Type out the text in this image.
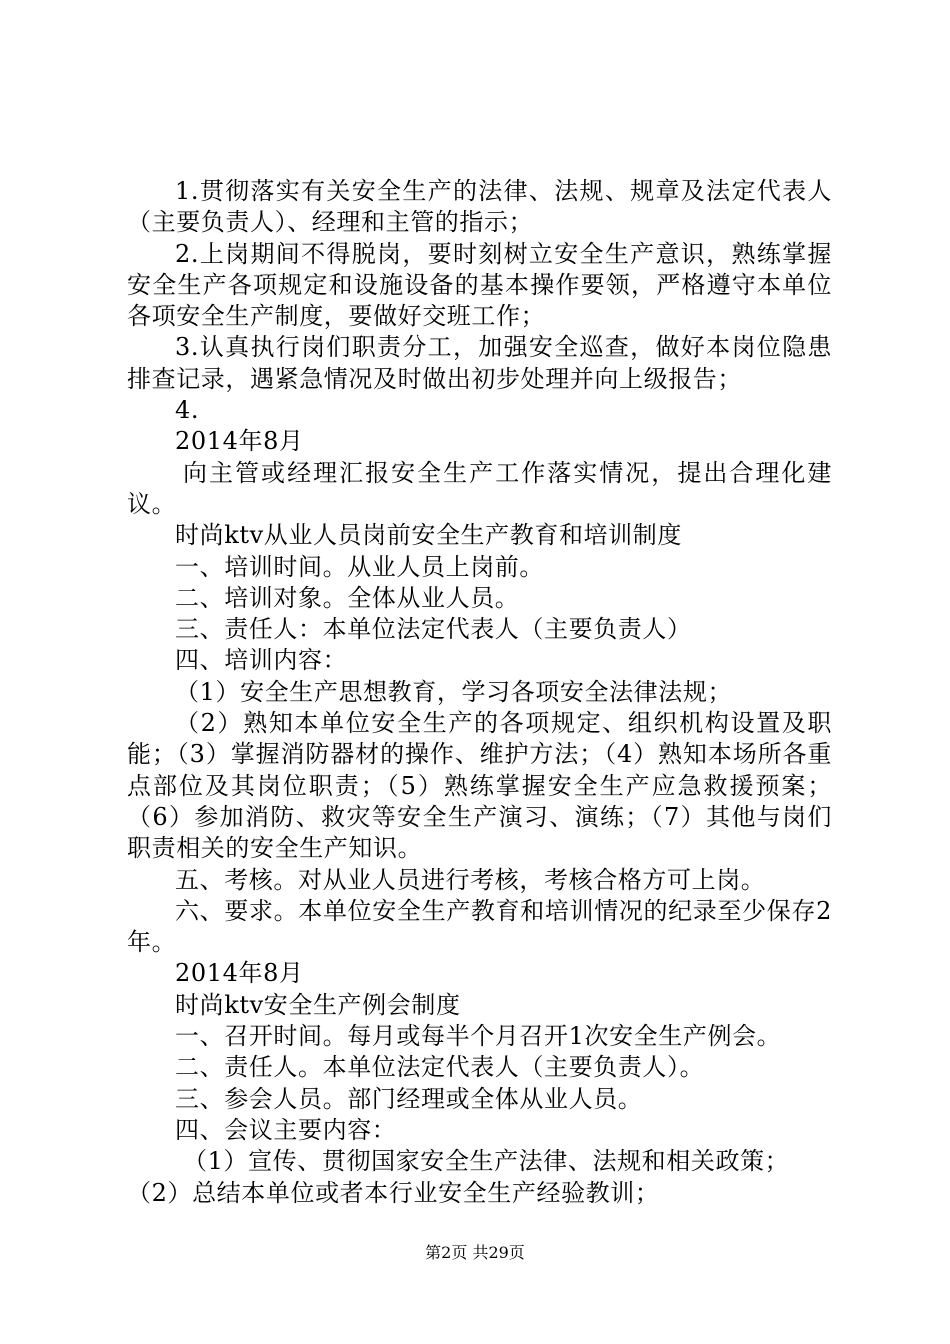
1.贯彻落实有关安全生产的法律、法规、规章及法定代表人（主要负责人）、经理和主管的指示；

2.上岗期间不得脱岗，要时刻树立安全生产意识，熟练掌握安全生产各项规定和设施设备的基本操作要领，严格遵守本单位各项安全生产制度，要做好交班工作；

3.认真执行岗们职责分工，加强安全巡查，做好本岗位隐患排查记录，遇紧急情况及时做出初步处理并向上级报告；

4.

2014年8月

向主管或经理汇报安全生产工作落实情况，提出合理化建议。

时尚ktv从业人员岗前安全生产教育和培训制度

一、培训时间。从业人员上岗前。

二、培训对象。全体从业人员。

三、责任人：本单位法定代表人（主要负责人）

四、培训内容：

（1）安全生产思想教育，学习各项安全法律法规；

（2）熟知本单位安全生产的各项规定、组织机构设置及职能；（3）掌握消防器材的操作、维护方法；（4）熟知本场所各重点部位及其岗位职责；（5）熟练掌握安全生产应急救援预案；（6）参加消防、救灾等安全生产演习、演练；（7）其他与岗们职责相关的安全生产知识。

五、考核。对从业人员进行考核，考核合格方可上岗。

六、要求。本单位安全生产教育和培训情况的纪录至少保存2年。

2014年8月

时尚ktv安全生产例会制度

一、召开时间。每月或每半个月召开1次安全生产例会。

二、责任人。本单位法定代表人（主要负责人）。

三、参会人员。部门经理或全体从业人员。

四、会议主要内容：

（1）宣传、贯彻国家安全生产法律、法规和相关政策；

（2）总结本单位或者本行业安全生产经验教训；

第2页 共29页
